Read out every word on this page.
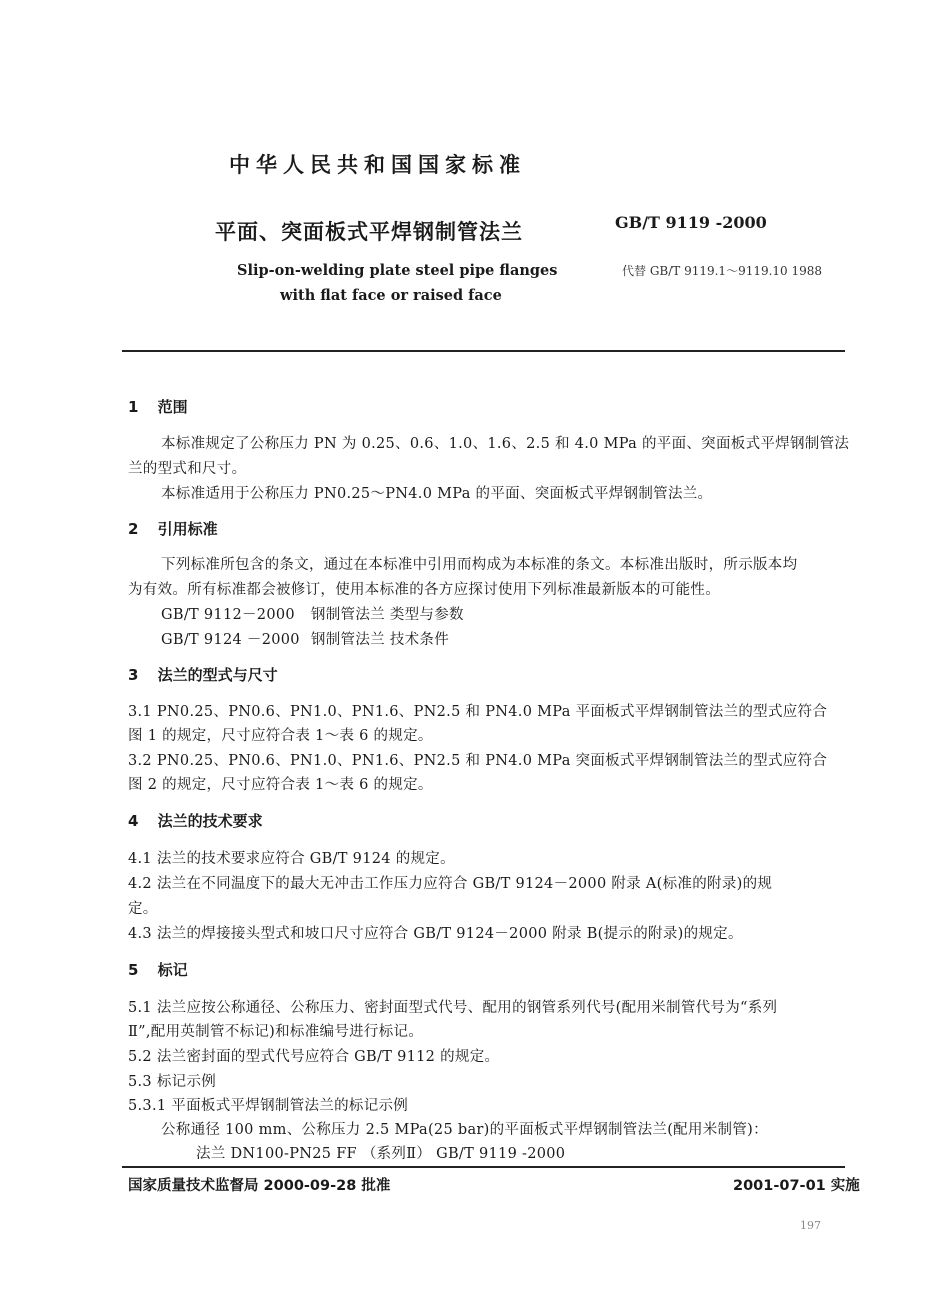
中华人民共和国国家标准
平面、突面板式平焊钢制管法兰	GB/T 9119 -2000
Slip-on-welding plate steel pipe flanges
with flat face or raised face
代替 GB/T 9119.1～9119.10 1988
1 范围
本标准规定了公称压力 PN 为 0.25、0.6、1.0、1.6、2.5 和 4.0 MPa 的平面、突面板式平焊钢制管法
兰的型式和尺寸。
本标准适用于公称压力 PN0.25～PN4.0 MPa 的平面、突面板式平焊钢制管法兰。
2 引用标准
下列标准所包含的条文，通过在本标准中引用而构成为本标准的条文。本标准出版时，所示版本均
为有效。所有标准都会被修订，使用本标准的各方应探讨使用下列标准最新版本的可能性。
GB/T 9112－2000 钢制管法兰 类型与参数
GB/T 9124 －2000 钢制管法兰 技术条件
3 法兰的型式与尺寸
3.1 PN0.25、PN0.6、PN1.0、PN1.6、PN2.5 和 PN4.0 MPa 平面板式平焊钢制管法兰的型式应符合
图 1 的规定，尺寸应符合表 1～表 6 的规定。
3.2 PN0.25、PN0.6、PN1.0、PN1.6、PN2.5 和 PN4.0 MPa 突面板式平焊钢制管法兰的型式应符合
图 2 的规定，尺寸应符合表 1～表 6 的规定。
4 法兰的技术要求
4.1 法兰的技术要求应符合 GB/T 9124 的规定。
4.2 法兰在不同温度下的最大无冲击工作压力应符合 GB/T 9124－2000 附录 A(标准的附录)的规
定。
4.3 法兰的焊接接头型式和坡口尺寸应符合 GB/T 9124－2000 附录 B(提示的附录)的规定。
5 标记
5.1 法兰应按公称通径、公称压力、密封面型式代号、配用的钢管系列代号(配用米制管代号为“系列
Ⅱ”,配用英制管不标记)和标准编号进行标记。
5.2 法兰密封面的型式代号应符合 GB/T 9112 的规定。
5.3 标记示例
5.3.1 平面板式平焊钢制管法兰的标记示例
公称通径 100 mm、公称压力 2.5 MPa(25 bar)的平面板式平焊钢制管法兰(配用米制管)：
法兰 DN100-PN25 FF （系列Ⅱ） GB/T 9119 -2000
国家质量技术监督局 2000-09-28 批准	2001-07-01 实施
197
